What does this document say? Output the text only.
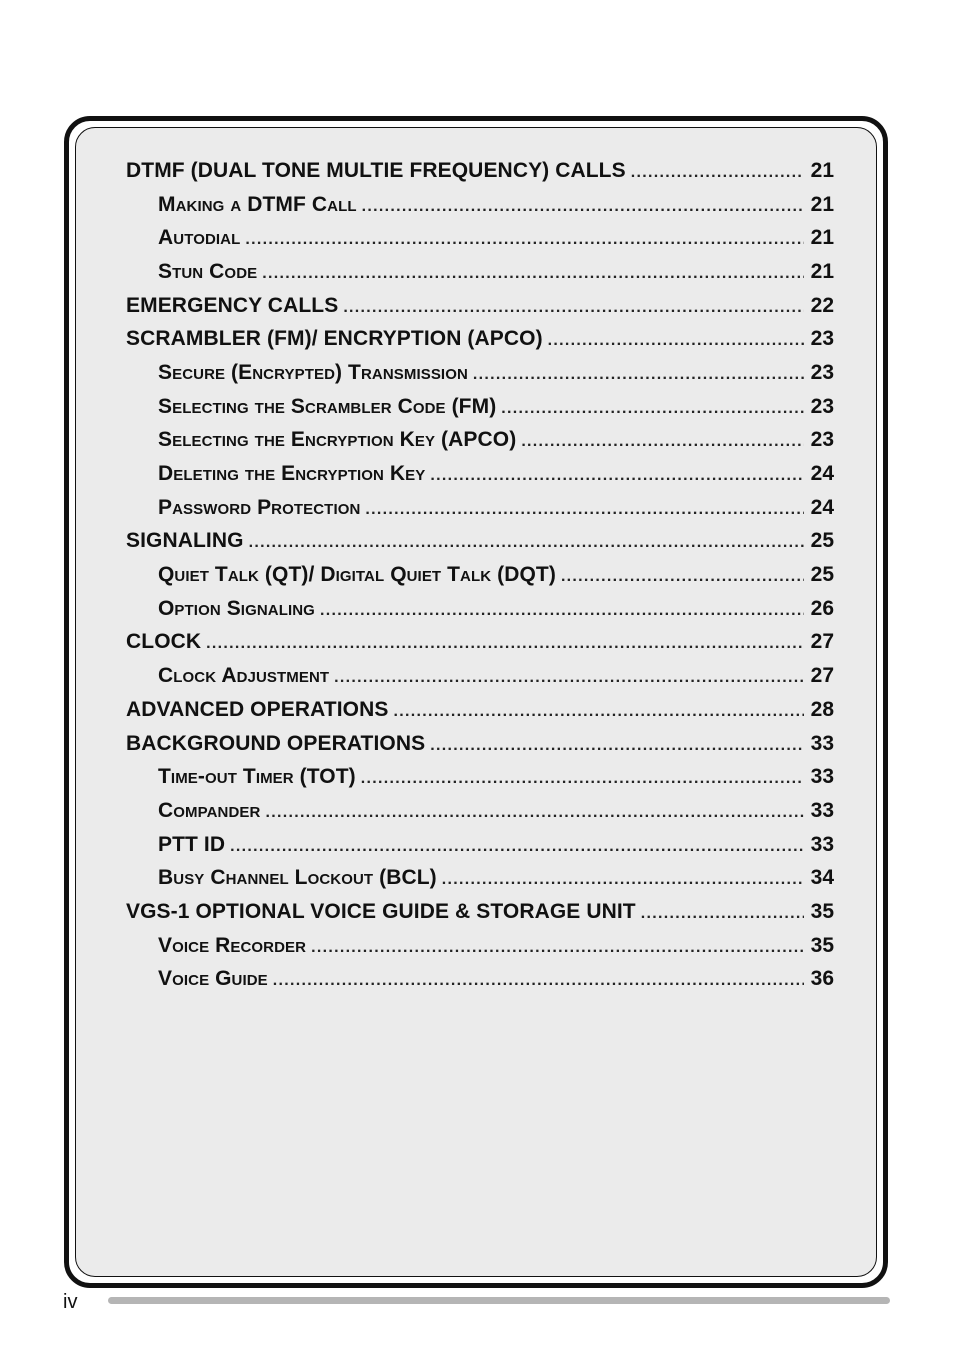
DTMF (DUAL TONE MULTIE FREQUENCY) CALLS .....	21
Making a DTMF Call .....	21
Autodial .....	21
Stun Code .....	21
EMERGENCY CALLS .....	22
SCRAMBLER (FM)/ ENCRYPTION (APCO) .....	23
Secure (Encrypted) Transmission .....	23
Selecting the Scrambler Code (FM) .....	23
Selecting the Encryption Key (APCO) .....	23
Deleting the Encryption Key .....	24
Password Protection .....	24
SIGNALING .....	25
Quiet Talk (QT)/ Digital Quiet Talk (DQT) .....	25
Option Signaling .....	26
CLOCK .....	27
Clock Adjustment .....	27
ADVANCED OPERATIONS .....	28
BACKGROUND OPERATIONS .....	33
Time-out Timer (TOT) .....	33
Compander .....	33
PTT ID .....	33
Busy Channel Lockout (BCL) .....	34
VGS-1 OPTIONAL VOICE GUIDE & STORAGE UNIT .....	35
Voice Recorder .....	35
Voice Guide .....	36
iv
